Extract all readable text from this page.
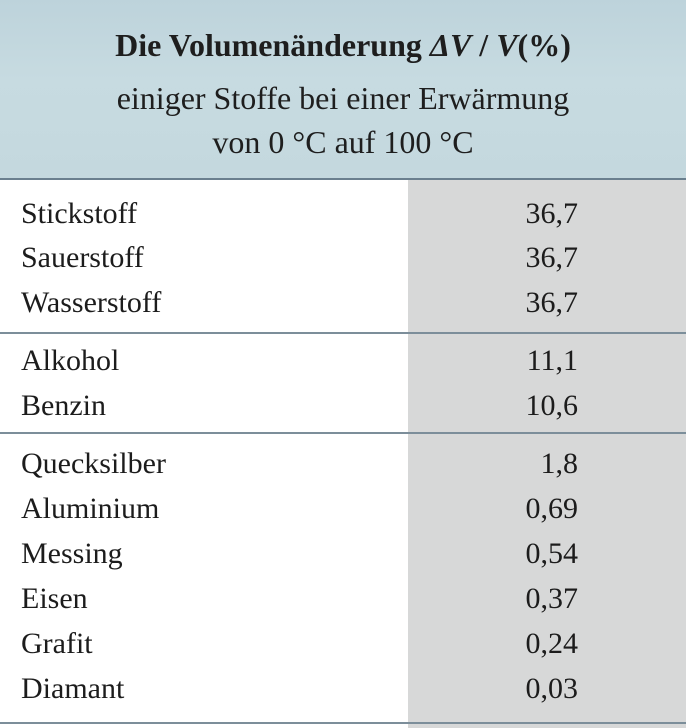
Die Volumenänderung ΔV / V(%)
einiger Stoffe bei einer Erwärmung
von 0 °C auf 100 °C
Stickstoff	36,7
Sauerstoff	36,7
Wasserstoff	36,7
Alkohol	11,1
Benzin	10,6
Quecksilber	1,8
Aluminium	0,69
Messing	0,54
Eisen	0,37
Grafit	0,24
Diamant	0,03
